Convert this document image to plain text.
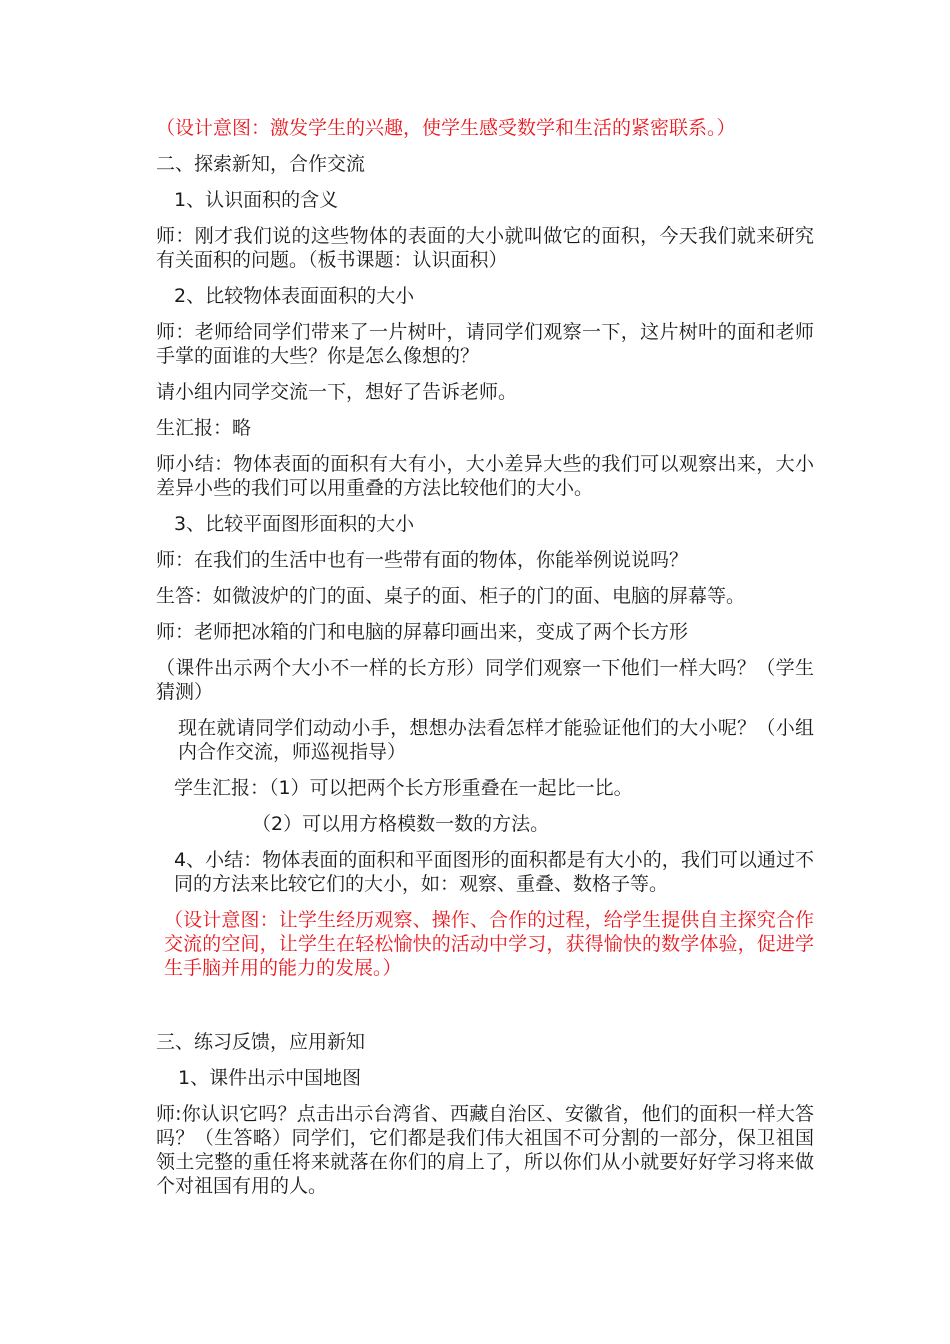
（设计意图：激发学生的兴趣，使学生感受数学和生活的紧密联系。）

二、探索新知，合作交流

1、认识面积的含义

师：刚才我们说的这些物体的表面的大小就叫做它的面积，今天我们就来研究有关面积的问题。（板书课题：认识面积）

2、比较物体表面面积的大小

师：老师给同学们带来了一片树叶，请同学们观察一下，这片树叶的面和老师手掌的面谁的大些？你是怎么像想的？

请小组内同学交流一下，想好了告诉老师。

生汇报：略

师小结：物体表面的面积有大有小，大小差异大些的我们可以观察出来，大小差异小些的我们可以用重叠的方法比较他们的大小。

3、比较平面图形面积的大小

师：在我们的生活中也有一些带有面的物体，你能举例说说吗？

生答：如微波炉的门的面、桌子的面、柜子的门的面、电脑的屏幕等。

师：老师把冰箱的门和电脑的屏幕印画出来，变成了两个长方形

（课件出示两个大小不一样的长方形）同学们观察一下他们一样大吗？（学生猜测）

现在就请同学们动动小手，想想办法看怎样才能验证他们的大小呢？（小组内合作交流，师巡视指导）

学生汇报：（1）可以把两个长方形重叠在一起比一比。

（2）可以用方格模数一数的方法。

4、小结：物体表面的面积和平面图形的面积都是有大小的，我们可以通过不同的方法来比较它们的大小，如：观察、重叠、数格子等。

（设计意图：让学生经历观察、操作、合作的过程，给学生提供自主探究合作交流的空间，让学生在轻松愉快的活动中学习，获得愉快的数学体验，促进学生手脑并用的能力的发展。）

三、练习反馈，应用新知

1、课件出示中国地图

师:你认识它吗？点击出示台湾省、西藏自治区、安徽省，他们的面积一样大答吗？（生答略）同学们，它们都是我们伟大祖国不可分割的一部分，保卫祖国领土完整的重任将来就落在你们的肩上了，所以你们从小就要好好学习将来做个对祖国有用的人。
